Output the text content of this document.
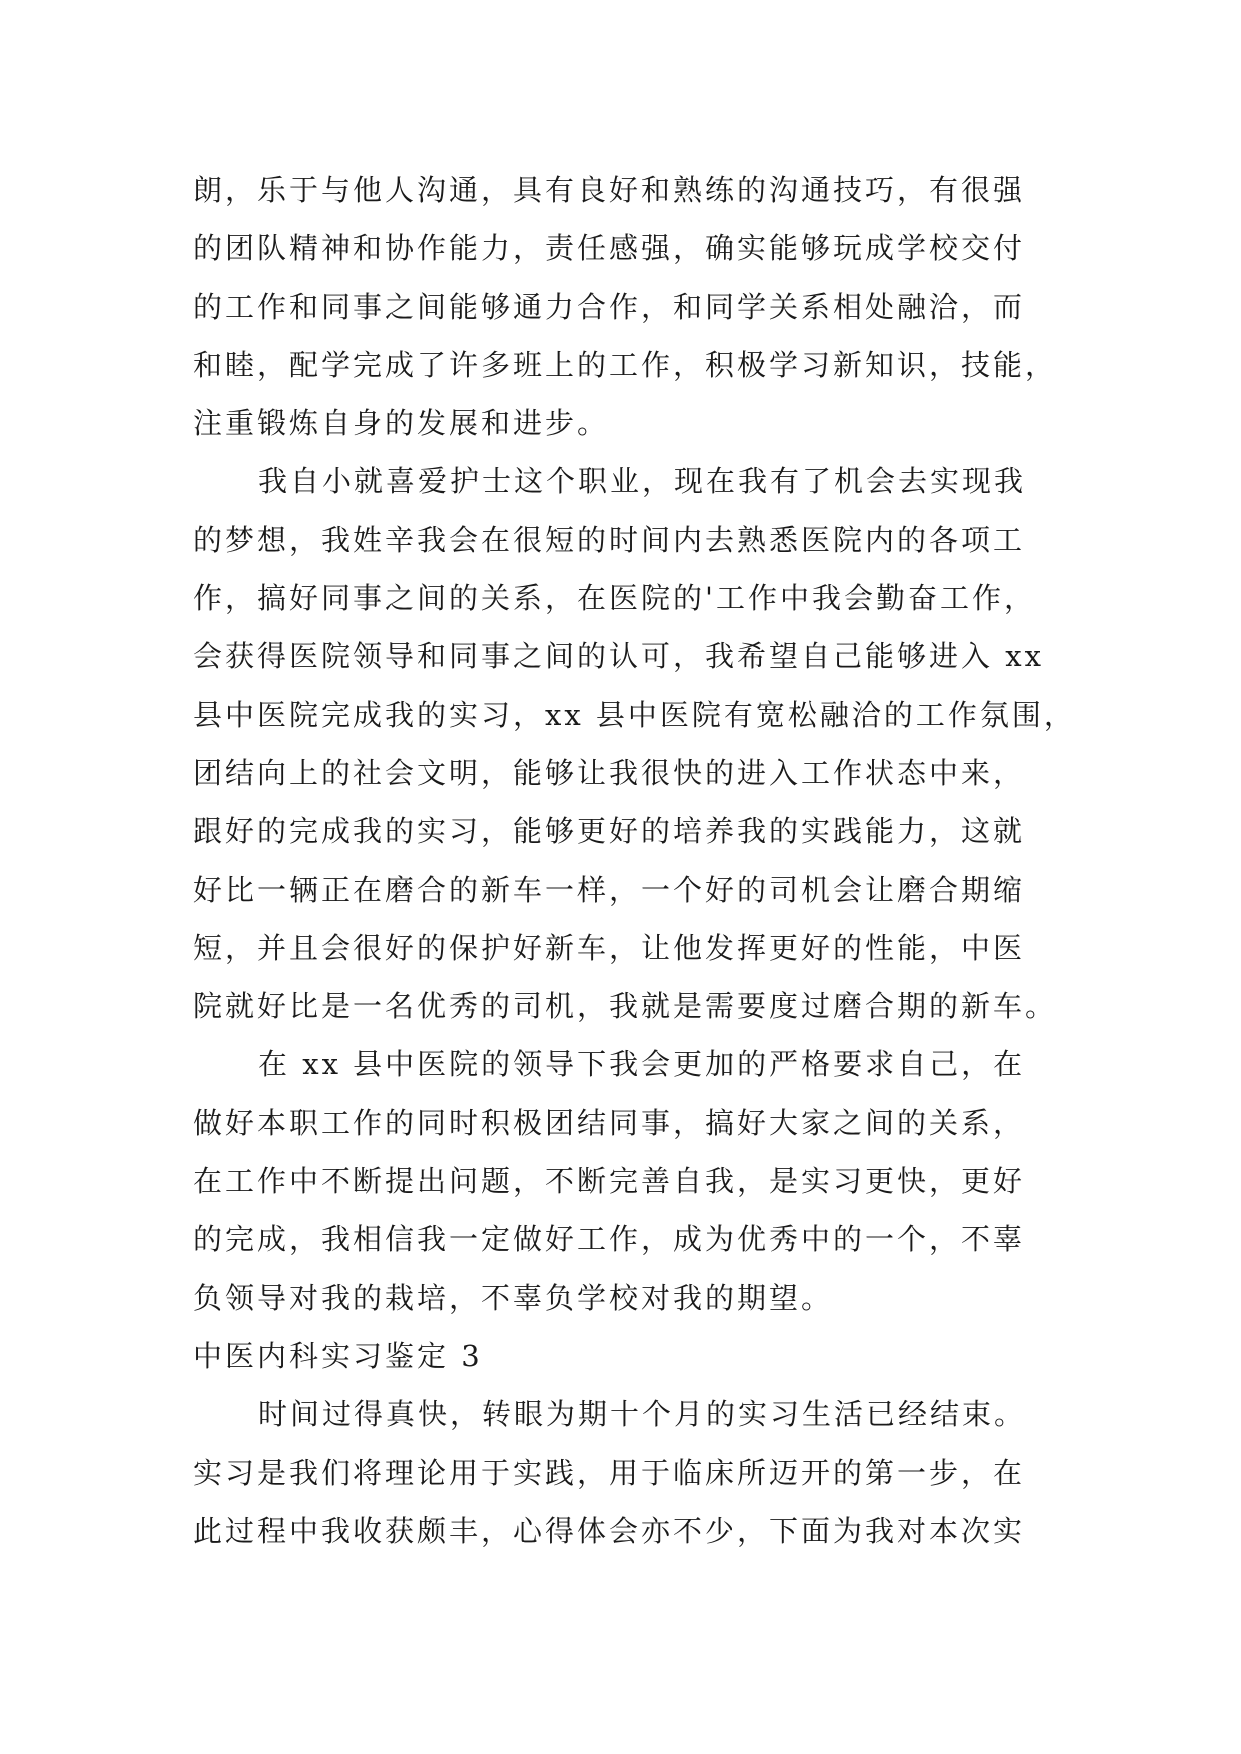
朗，乐于与他人沟通，具有良好和熟练的沟通技巧，有很强
的团队精神和协作能力，责任感强，确实能够玩成学校交付
的工作和同事之间能够通力合作，和同学关系相处融洽，而
和睦，配学完成了许多班上的工作，积极学习新知识，技能，
注重锻炼自身的发展和进步。
我自小就喜爱护士这个职业，现在我有了机会去实现我
的梦想，我姓辛我会在很短的时间内去熟悉医院内的各项工
作，搞好同事之间的关系，在医院的'工作中我会勤奋工作，
会获得医院领导和同事之间的认可，我希望自己能够进入 xx
县中医院完成我的实习，xx 县中医院有宽松融洽的工作氛围，
团结向上的社会文明，能够让我很快的进入工作状态中来，
跟好的完成我的实习，能够更好的培养我的实践能力，这就
好比一辆正在磨合的新车一样，一个好的司机会让磨合期缩
短，并且会很好的保护好新车，让他发挥更好的性能，中医
院就好比是一名优秀的司机，我就是需要度过磨合期的新车。
在 xx 县中医院的领导下我会更加的严格要求自己，在
做好本职工作的同时积极团结同事，搞好大家之间的关系，
在工作中不断提出问题，不断完善自我，是实习更快，更好
的完成，我相信我一定做好工作，成为优秀中的一个，不辜
负领导对我的栽培，不辜负学校对我的期望。
中医内科实习鉴定 3
时间过得真快，转眼为期十个月的实习生活已经结束。
实习是我们将理论用于实践，用于临床所迈开的第一步，在
此过程中我收获颇丰，心得体会亦不少，下面为我对本次实
